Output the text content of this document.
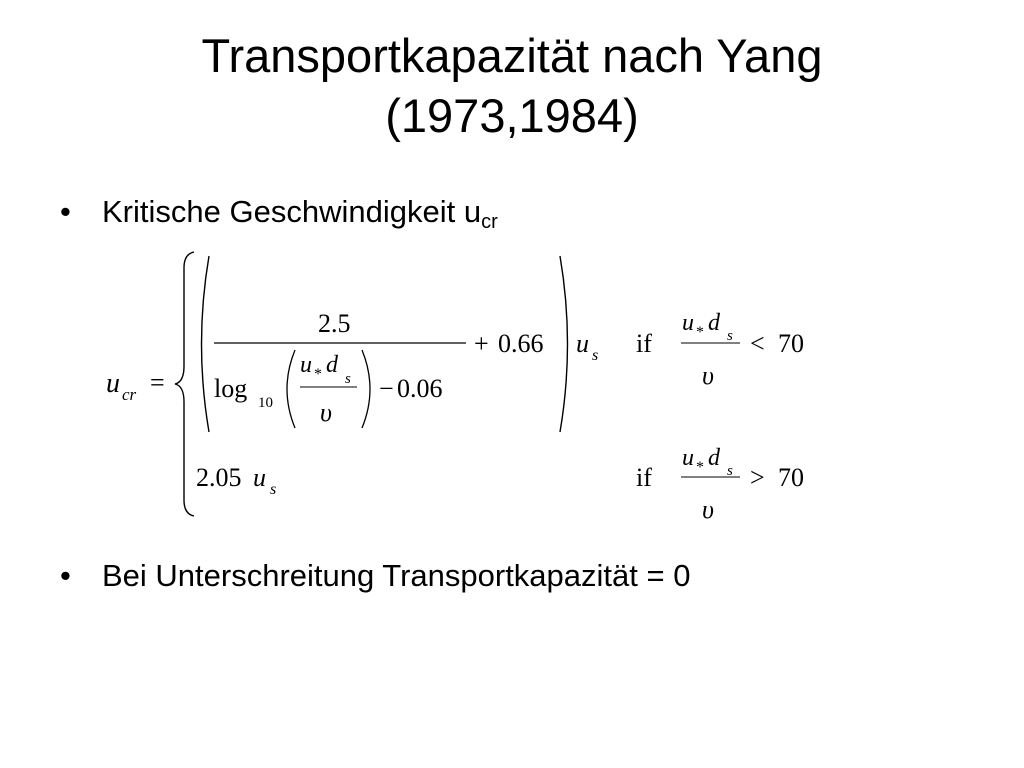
Transportkapazität nach Yang
(1973,1984)
• Kritische Geschwindigkeit $u_{cr}$
u cr =
2.5
log 10
u * d
s
υ
− 0.06
+ 0.66 u s if
u * d s
υ
< 70
2.05 u s	if
u * d s
υ
> 70
• Bei Unterschreitung Transportkapazität = 0
